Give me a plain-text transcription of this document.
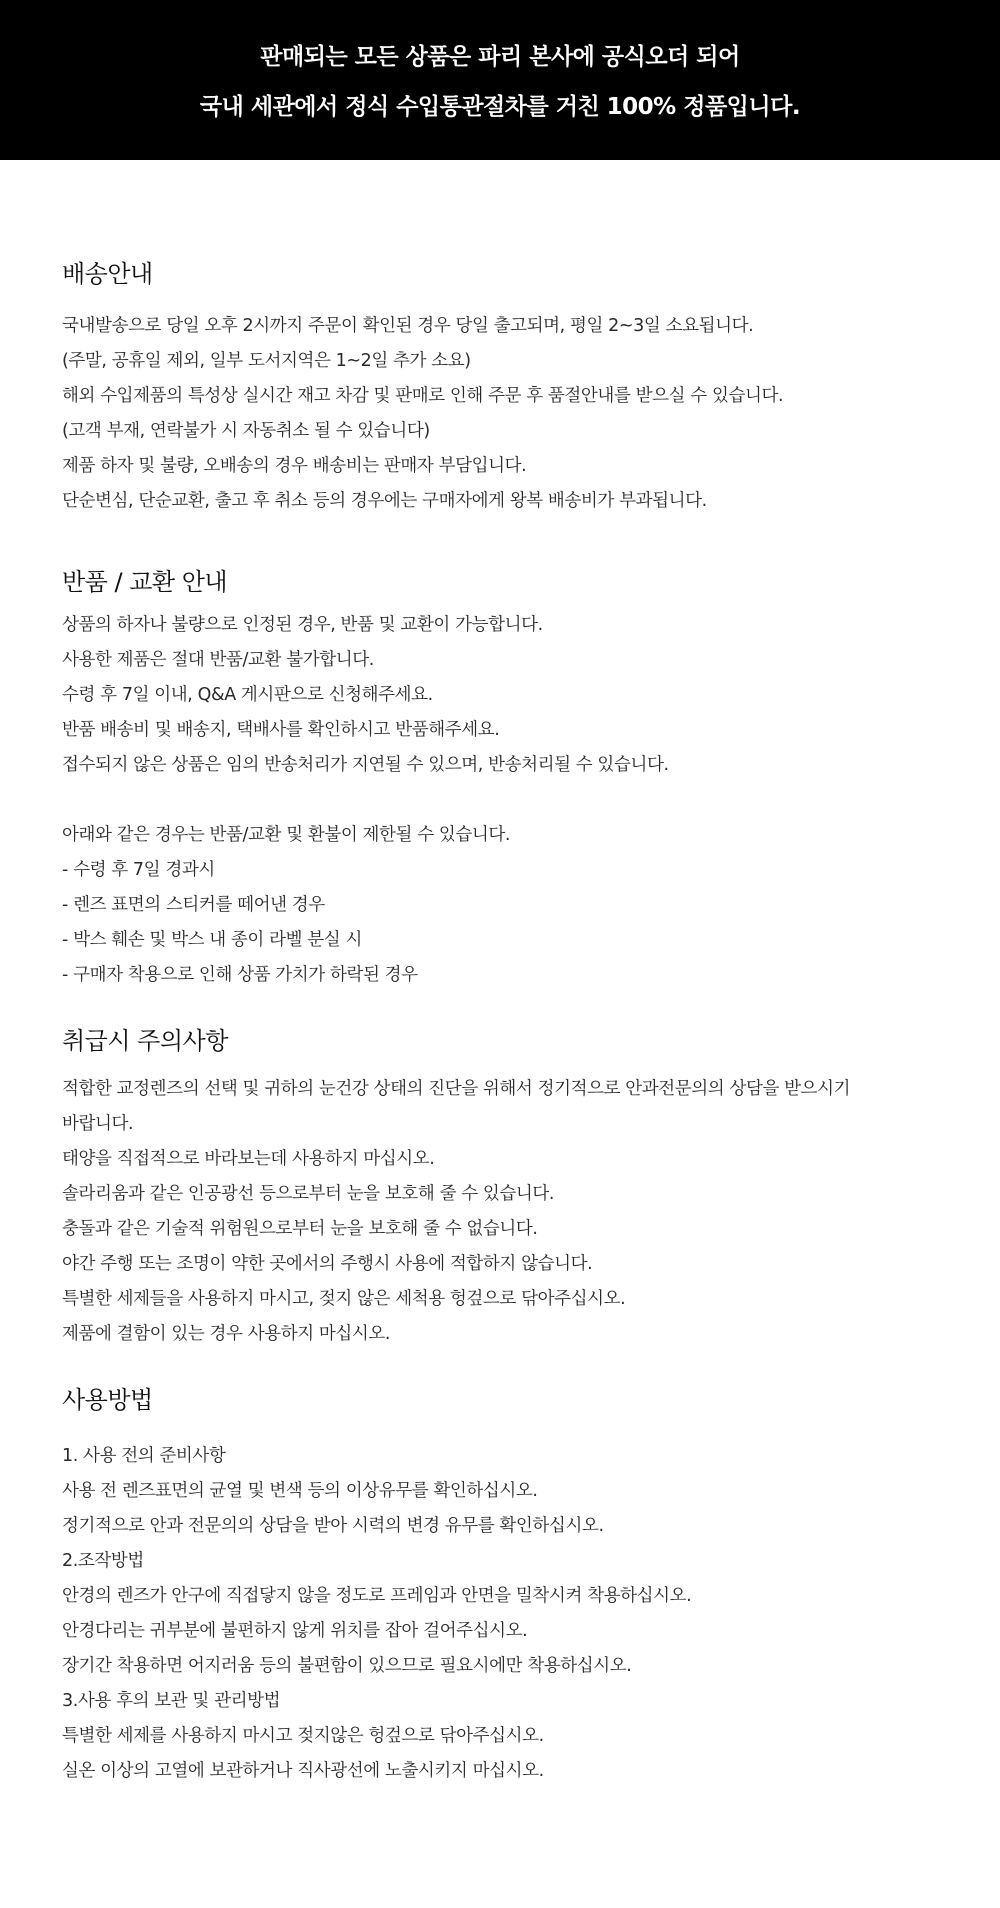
판매되는 모든 상품은 파리 본사에 공식오더 되어
국내 세관에서 정식 수입통관절차를 거친 100% 정품입니다.
배송안내
국내발송으로 당일 오후 2시까지 주문이 확인된 경우 당일 출고되며, 평일 2~3일 소요됩니다.
(주말, 공휴일 제외, 일부 도서지역은 1~2일 추가 소요)
해외 수입제품의 특성상 실시간 재고 차감 및 판매로 인해 주문 후 품절안내를 받으실 수 있습니다.
(고객 부재, 연락불가 시 자동취소 될 수 있습니다)
제품 하자 및 불량, 오배송의 경우 배송비는 판매자 부담입니다.
단순변심, 단순교환, 출고 후 취소 등의 경우에는 구매자에게 왕복 배송비가 부과됩니다.
반품 / 교환 안내
상품의 하자나 불량으로 인정된 경우, 반품 및 교환이 가능합니다.
사용한 제품은 절대 반품/교환 불가합니다.
수령 후 7일 이내, Q&A 게시판으로 신청해주세요.
반품 배송비 및 배송지, 택배사를 확인하시고 반품해주세요.
접수되지 않은 상품은 임의 반송처리가 지연될 수 있으며, 반송처리될 수 있습니다.
아래와 같은 경우는 반품/교환 및 환불이 제한될 수 있습니다.
- 수령 후 7일 경과시
- 렌즈 표면의 스티커를 떼어낸 경우
- 박스 훼손 및 박스 내 종이 라벨 분실 시
- 구매자 착용으로 인해 상품 가치가 하락된 경우
취급시 주의사항
적합한 교정렌즈의 선택 및 귀하의 눈건강 상태의 진단을 위해서 정기적으로 안과전문의의 상담을 받으시기
바랍니다.
태양을 직접적으로 바라보는데 사용하지 마십시오.
솔라리움과 같은 인공광선 등으로부터 눈을 보호해 줄 수 있습니다.
충돌과 같은 기술적 위험원으로부터 눈을 보호해 줄 수 없습니다.
야간 주행 또는 조명이 약한 곳에서의 주행시 사용에 적합하지 않습니다.
특별한 세제들을 사용하지 마시고, 젖지 않은 세척용 헝겊으로 닦아주십시오.
제품에 결함이 있는 경우 사용하지 마십시오.
사용방법
1. 사용 전의 준비사항
사용 전 렌즈표면의 균열 및 변색 등의 이상유무를 확인하십시오.
정기적으로 안과 전문의의 상담을 받아 시력의 변경 유무를 확인하십시오.
2.조작방법
안경의 렌즈가 안구에 직접닿지 않을 정도로 프레임과 안면을 밀착시켜 착용하십시오.
안경다리는 귀부분에 불편하지 않게 위치를 잡아 걸어주십시오.
장기간 착용하면 어지러움 등의 불편함이 있으므로 필요시에만 착용하십시오.
3.사용 후의 보관 및 관리방법
특별한 세제를 사용하지 마시고 젖지않은 헝겊으로 닦아주십시오.
실온 이상의 고열에 보관하거나 직사광선에 노출시키지 마십시오.
